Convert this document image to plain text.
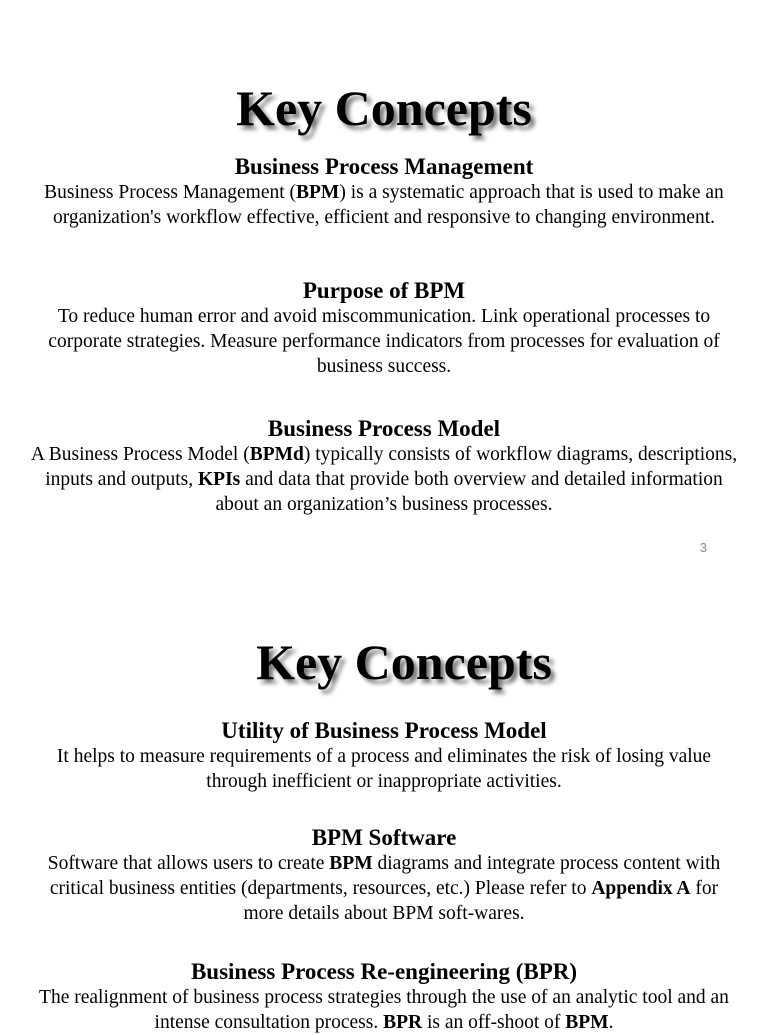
Key Concepts
Business Process Management

Business Process Management (BPM) is a systematic approach that is used to make an organization's workflow effective, efficient and responsive to changing environment.

Purpose of BPM

To reduce human error and avoid miscommunication. Link operational processes to corporate strategies. Measure performance indicators from processes for evaluation of business success.

Business Process Model

A Business Process Model (BPMd) typically consists of workflow diagrams, descriptions, inputs and outputs, KPIs and data that provide both overview and detailed information about an organization’s business processes.

3
Key Concepts
Utility of Business Process Model

It helps to measure requirements of a process and eliminates the risk of losing value through inefficient or inappropriate activities.

BPM Software

Software that allows users to create BPM diagrams and integrate process content with critical business entities (departments, resources, etc.) Please refer to Appendix A for more details about BPM soft-wares.

Business Process Re-engineering (BPR)

The realignment of business process strategies through the use of an analytic tool and an intense consultation process. BPR is an off-shoot of BPM.
